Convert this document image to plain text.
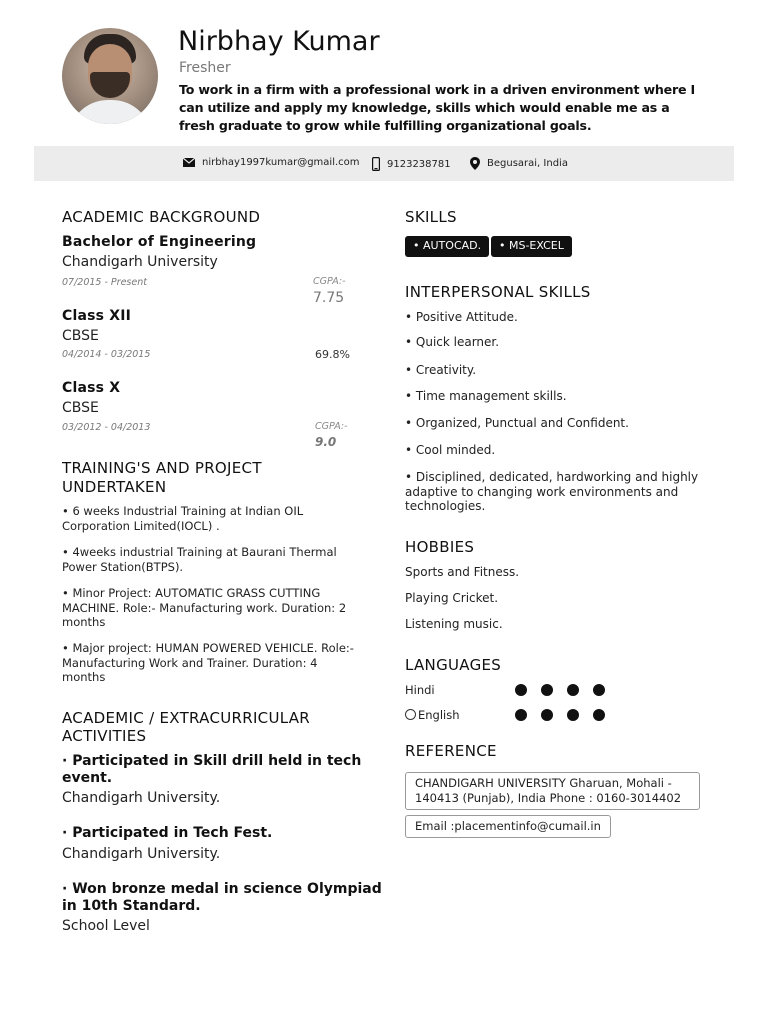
Nirbhay Kumar
Fresher
To work in a firm with a professional work in a driven environment where I can utilize and apply my knowledge, skills which would enable me as a fresh graduate to grow while fulfilling organizational goals.
nirbhay1997kumar@gmail.com	9123238781	Begusarai, India
ACADEMIC BACKGROUND
Bachelor of Engineering
Chandigarh University
07/2015 - Present	CGPA:-
7.75
Class XII
CBSE
04/2014 - 03/2015	69.8%
Class X
CBSE
03/2012 - 04/2013	CGPA:-
9.0
TRAINING'S AND PROJECT
UNDERTAKEN
• 6 weeks Industrial Training at Indian OIL
Corporation Limited(IOCL) .
• 4weeks industrial Training at Baurani Thermal
Power Station(BTPS).
• Minor Project: AUTOMATIC GRASS CUTTING
MACHINE. Role:- Manufacturing work. Duration: 2
months
• Major project: HUMAN POWERED VEHICLE. Role:-
Manufacturing Work and Trainer. Duration: 4
months
ACADEMIC / EXTRACURRICULAR
ACTIVITIES
· Participated in Skill drill held in tech
event.
Chandigarh University.
· Participated in Tech Fest.
Chandigarh University.
· Won bronze medal in science Olympiad
in 10th Standard.
School Level
SKILLS
• AUTOCAD.	• MS-EXCEL
INTERPERSONAL SKILLS
• Positive Attitude.
• Quick learner.
• Creativity.
• Time management skills.
• Organized, Punctual and Confident.
• Cool minded.
• Disciplined, dedicated, hardworking and highly
adaptive to changing work environments and
technologies.
HOBBIES
Sports and Fitness.
Playing Cricket.
Listening music.
LANGUAGES
Hindi
English
REFERENCE
CHANDIGARH UNIVERSITY Gharuan, Mohali -
140413 (Punjab), India Phone : 0160-3014402
Email :placementinfo@cumail.in
